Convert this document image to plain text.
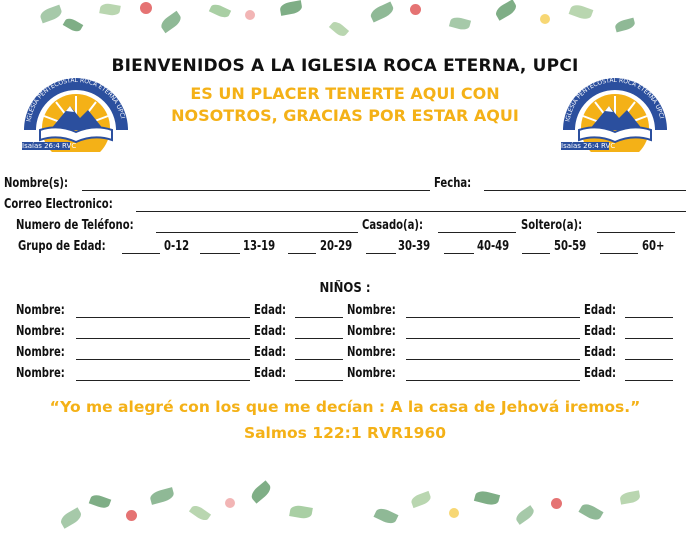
BIENVENIDOS A LA IGLESIA ROCA ETERNA, UPCI
ES UN PLACER TENERTE AQUI CON
NOSOTROS, GRACIAS POR ESTAR AQUI
IGLESIA PENTECOSTAL ROCA ETERNA UPCI
Isaías 26:4 RVC
IGLESIA PENTECOSTAL ROCA ETERNA UPCI
Isaías 26:4 RVC
Nombre(s):	Fecha:
Correo Electronico:
Numero de Teléfono:	Casado(a):	Soltero(a):
Grupo de Edad:	0-12	13-19	20-29	30-39	40-49	50-59	60+
NIÑOS :
Nombre:	Edad:	Nombre:	Edad:
Nombre:	Edad:	Nombre:	Edad:
Nombre:	Edad:	Nombre:	Edad:
Nombre:	Edad:	Nombre:	Edad:
“Yo me alegré con los que me decían : A la casa de Jehová iremos.”
Salmos 122:1 RVR1960
